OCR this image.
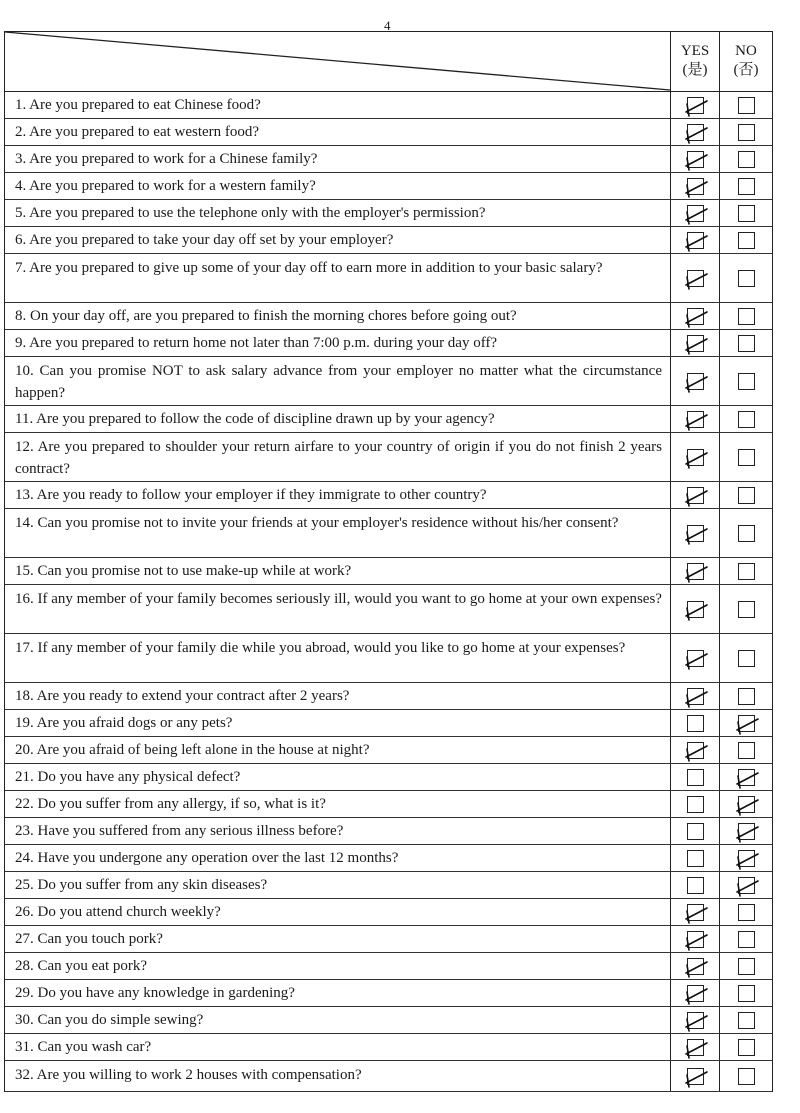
4
YES
(是)
NO
(否)
1. Are you prepared to eat Chinese food?
2. Are you prepared to eat western food?
3. Are you prepared to work for a Chinese family?
4. Are you prepared to work for a western family?
5. Are you prepared to use the telephone only with the employer's permission?
6. Are you prepared to take your day off set by your employer?
7. Are you prepared to give up some of your day off to earn more in addition to your basic salary?
8. On your day off, are you prepared to finish the morning chores before going out?
9. Are you prepared to return home not later than 7:00 p.m. during your day off?
10. Can you promise NOT to ask salary advance from your employer no matter what the circumstance happen?
11. Are you prepared to follow the code of discipline drawn up by your agency?
12. Are you prepared to shoulder your return airfare to your country of origin if you do not finish 2 years contract?
13. Are you ready to follow your employer if they immigrate to other country?
14. Can you promise not to invite your friends at your employer's residence without his/her consent?
15. Can you promise not to use make-up while at work?
16. If any member of your family becomes seriously ill, would you want to go home at your own expenses?
17. If any member of your family die while you abroad, would you like to go home at your expenses?
18. Are you ready to extend your contract after 2 years?
19. Are you afraid dogs or any pets?
20. Are you afraid of being left alone in the house at night?
21. Do you have any physical defect?
22. Do you suffer from any allergy, if so, what is it?
23. Have you suffered from any serious illness before?
24. Have you undergone any operation over the last 12 months?
25. Do you suffer from any skin diseases?
26. Do you attend church weekly?
27. Can you touch pork?
28. Can you eat pork?
29. Do you have any knowledge in gardening?
30. Can you do simple sewing?
31. Can you wash car?
32. Are you willing to work 2 houses with compensation?
